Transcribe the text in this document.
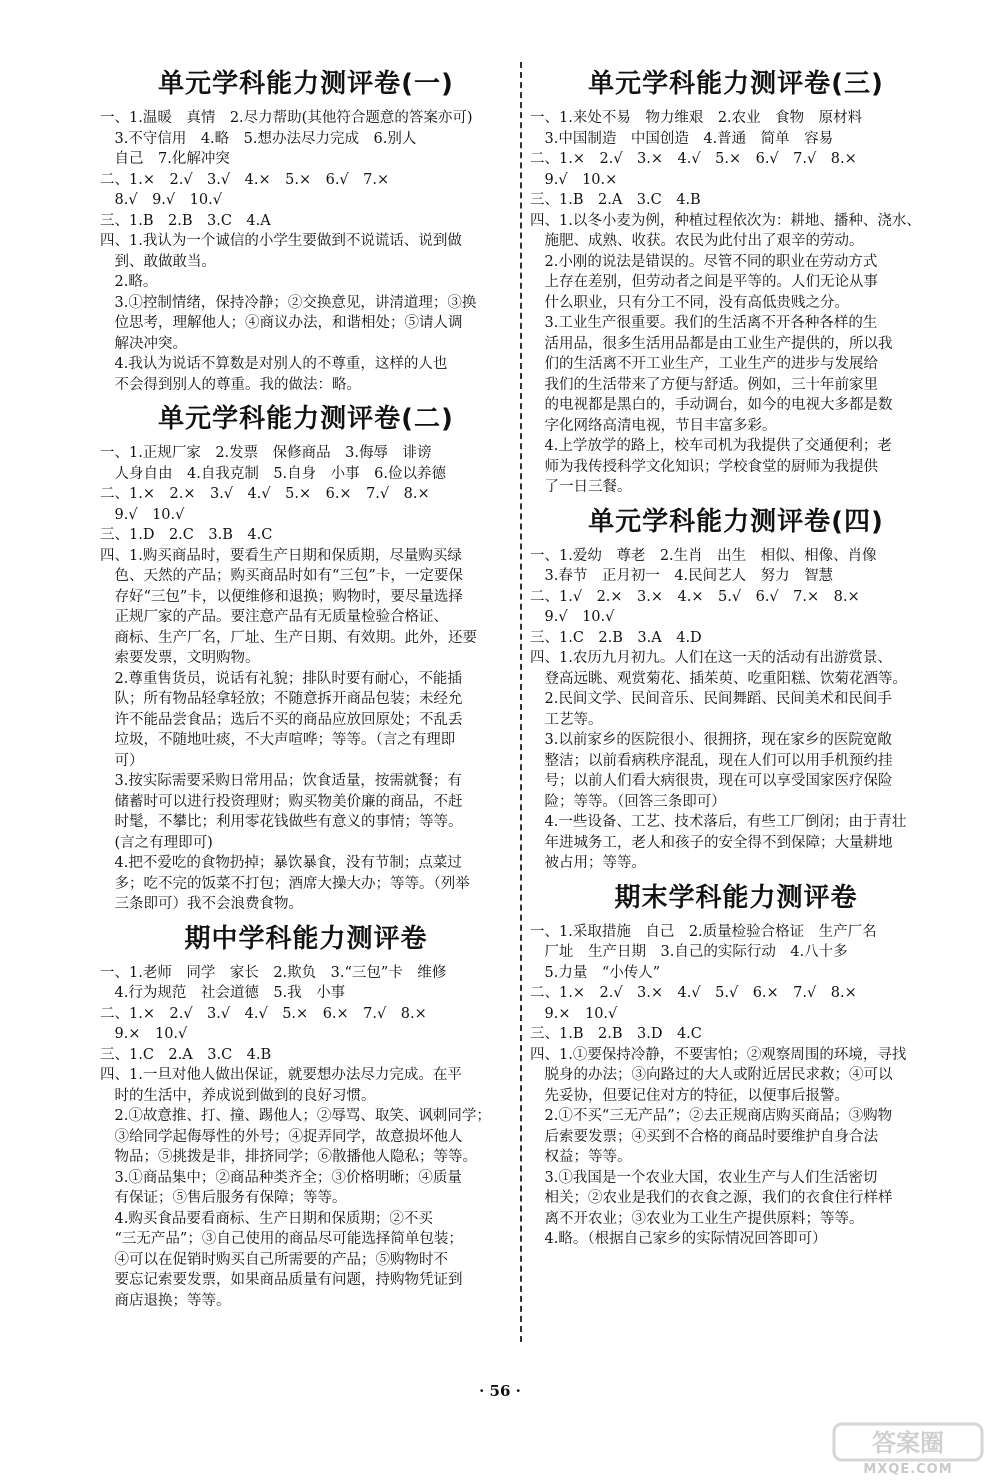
单元学科能力测评卷(一)
一、1.温暖　真情　2.尽力帮助(其他符合题意的答案亦可)
　3.不守信用　4.略　5.想办法尽力完成　6.别人
　自己　7.化解冲突
二、1.×　2.√　3.√　4.×　5.×　6.√　7.×
　8.√　9.√　10.√
三、1.B　2.B　3.C　4.A
四、1.我认为一个诚信的小学生要做到不说谎话、说到做
　到、敢做敢当。
　2.略。
　3.①控制情绪，保持冷静；②交换意见，讲清道理；③换
　位思考，理解他人；④商议办法，和谐相处；⑤请人调
　解决冲突。
　4.我认为说话不算数是对别人的不尊重，这样的人也
　不会得到别人的尊重。我的做法：略。
单元学科能力测评卷(二)
一、1.正规厂家　2.发票　保修商品　3.侮辱　诽谤
　人身自由　4.自我克制　5.自身　小事　6.俭以养德
二、1.×　2.×　3.√　4.√　5.×　6.×　7.√　8.×
　9.√　10.√
三、1.D　2.C　3.B　4.C
四、1.购买商品时，要看生产日期和保质期，尽量购买绿
　色、天然的产品；购买商品时如有“三包”卡，一定要保
　存好“三包”卡，以便维修和退换；购物时，要尽量选择
　正规厂家的产品。要注意产品有无质量检验合格证、
　商标、生产厂名，厂址、生产日期、有效期。此外，还要
　索要发票，文明购物。
　2.尊重售货员，说话有礼貌；排队时要有耐心，不能插
　队；所有物品轻拿轻放；不随意拆开商品包装；未经允
　许不能品尝食品；选后不买的商品应放回原处；不乱丢
　垃圾，不随地吐痰，不大声喧哗；等等。（言之有理即
　可）
　3.按实际需要采购日常用品；饮食适量，按需就餐；有
　储蓄时可以进行投资理财；购买物美价廉的商品，不赶
　时髦，不攀比；利用零花钱做些有意义的事情；等等。
　(言之有理即可)
　4.把不爱吃的食物扔掉；暴饮暴食，没有节制；点菜过
　多；吃不完的饭菜不打包；酒席大操大办；等等。（列举
　三条即可）我不会浪费食物。
期中学科能力测评卷
一、1.老师　同学　家长　2.欺负　3.“三包”卡　维修
　4.行为规范　社会道德　5.我　小事
二、1.×　2.√　3.√　4.√　5.×　6.×　7.√　8.×
　9.×　10.√
三、1.C　2.A　3.C　4.B
四、1.一旦对他人做出保证，就要想办法尽力完成。在平
　时的生活中，养成说到做到的良好习惯。
　2.①故意推、打、撞、踢他人；②辱骂、取笑、讽刺同学；
　③给同学起侮辱性的外号；④捉弄同学，故意损坏他人
　物品；⑤挑拨是非，排挤同学；⑥散播他人隐私；等等。
　3.①商品集中；②商品种类齐全；③价格明晰；④质量
　有保证；⑤售后服务有保障；等等。
　4.购买食品要看商标、生产日期和保质期；②不买
　“三无产品”；③自己使用的商品尽可能选择简单包装；
　④可以在促销时购买自己所需要的产品；⑤购物时不
　要忘记索要发票，如果商品质量有问题，持购物凭证到
　商店退换；等等。
单元学科能力测评卷(三)
一、1.来处不易　物力维艰　2.农业　食物　原材料
　3.中国制造　中国创造　4.普通　简单　容易
二、1.×　2.√　3.×　4.√　5.×　6.√　7.√　8.×
　9.√　10.×
三、1.B　2.A　3.C　4.B
四、1.以冬小麦为例，种植过程依次为：耕地、播种、浇水、
　施肥、成熟、收获。农民为此付出了艰辛的劳动。
　2.小刚的说法是错误的。尽管不同的职业在劳动方式
　上存在差别，但劳动者之间是平等的。人们无论从事
　什么职业，只有分工不同，没有高低贵贱之分。
　3.工业生产很重要。我们的生活离不开各种各样的生
　活用品，很多生活用品都是由工业生产提供的，所以我
　们的生活离不开工业生产，工业生产的进步与发展给
　我们的生活带来了方便与舒适。例如，三十年前家里
　的电视都是黑白的，手动调台，如今的电视大多都是数
　字化网络高清电视，节目丰富多彩。
　4.上学放学的路上，校车司机为我提供了交通便利；老
　师为我传授科学文化知识；学校食堂的厨师为我提供
　了一日三餐。
单元学科能力测评卷(四)
一、1.爱幼　尊老　2.生肖　出生　相似、相像、肖像
　3.春节　正月初一　4.民间艺人　努力　智慧
二、1.√　2.×　3.×　4.×　5.√　6.√　7.×　8.×
　9.√　10.√
三、1.C　2.B　3.A　4.D
四、1.农历九月初九。人们在这一天的活动有出游赏景、
　登高远眺、观赏菊花、插茱萸、吃重阳糕、饮菊花酒等。
　2.民间文学、民间音乐、民间舞蹈、民间美术和民间手
　工艺等。
　3.以前家乡的医院很小、很拥挤，现在家乡的医院宽敞
　整洁；以前看病秩序混乱，现在人们可以用手机预约挂
　号；以前人们看大病很贵，现在可以享受国家医疗保险
　险；等等。（回答三条即可）
　4.一些设备、工艺、技术落后，有些工厂倒闭；由于青壮
　年进城务工，老人和孩子的安全得不到保障；大量耕地
　被占用；等等。
期末学科能力测评卷
一、1.采取措施　自己　2.质量检验合格证　生产厂名
　厂址　生产日期　3.自己的实际行动　4.八十多
　5.力量　“小传人”
二、1.×　2.√　3.×　4.√　5.√　6.×　7.√　8.×
　9.×　10.√
三、1.B　2.B　3.D　4.C
四、1.①要保持冷静，不要害怕；②观察周围的环境，寻找
　脱身的办法；③向路过的大人或附近居民求救；④可以
　先妥协，但要记住对方的特征，以便事后报警。
　2.①不买“三无产品”；②去正规商店购买商品；③购物
　后索要发票；④买到不合格的商品时要维护自身合法
　权益；等等。
　3.①我国是一个农业大国，农业生产与人们生活密切
　相关；②农业是我们的衣食之源，我们的衣食住行样样
　离不开农业；③农业为工业生产提供原料；等等。
　4.略。（根据自己家乡的实际情况回答即可）
· 56 ·
答案圈
MXQE.COM
